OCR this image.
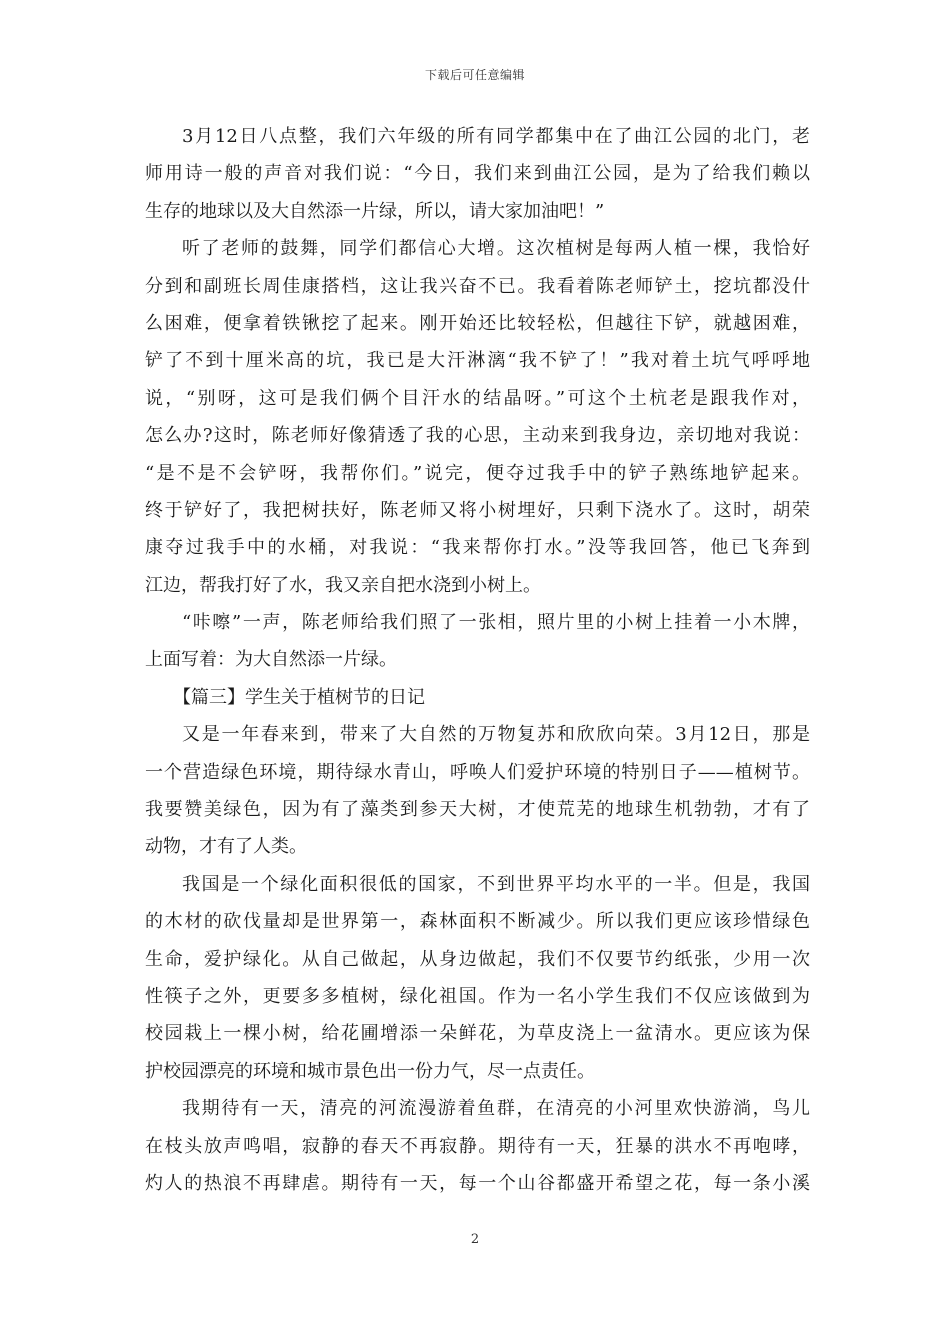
下载后可任意编辑
3月12日八点整，我们六年级的所有同学都集中在了曲江公园的北门，老
师用诗一般的声音对我们说：“今日，我们来到曲江公园，是为了给我们赖以
生存的地球以及大自然添一片绿，所以，请大家加油吧！”
听了老师的鼓舞，同学们都信心大增。这次植树是每两人植一棵，我恰好
分到和副班长周佳康搭档，这让我兴奋不已。我看着陈老师铲土，挖坑都没什
么困难，便拿着铁锹挖了起来。刚开始还比较轻松，但越往下铲，就越困难，
铲了不到十厘米高的坑，我已是大汗淋漓“我不铲了！”我对着土坑气呼呼地
说，“别呀，这可是我们俩个目汗水的结晶呀。”可这个土杭老是跟我作对，
怎么办?这时，陈老师好像猜透了我的心思，主动来到我身边，亲切地对我说：
“是不是不会铲呀，我帮你们。”说完，便夺过我手中的铲子熟练地铲起来。
终于铲好了，我把树扶好，陈老师又将小树埋好，只剩下浇水了。这时，胡荣
康夺过我手中的水桶，对我说：“我来帮你打水。”没等我回答，他已飞奔到
江边，帮我打好了水，我又亲自把水浇到小树上。
“咔嚓”一声，陈老师给我们照了一张相，照片里的小树上挂着一小木牌，
上面写着：为大自然添一片绿。
【篇三】学生关于植树节的日记
又是一年春来到，带来了大自然的万物复苏和欣欣向荣。3月12日，那是
一个营造绿色环境，期待绿水青山，呼唤人们爱护环境的特别日子——植树节。
我要赞美绿色，因为有了藻类到参天大树，才使荒芜的地球生机勃勃，才有了
动物，才有了人类。
我国是一个绿化面积很低的国家，不到世界平均水平的一半。但是，我国
的木材的砍伐量却是世界第一，森林面积不断减少。所以我们更应该珍惜绿色
生命，爱护绿化。从自己做起，从身边做起，我们不仅要节约纸张，少用一次
性筷子之外，更要多多植树，绿化祖国。作为一名小学生我们不仅应该做到为
校园栽上一棵小树，给花圃增添一朵鲜花，为草皮浇上一盆清水。更应该为保
护校园漂亮的环境和城市景色出一份力气，尽一点责任。
我期待有一天，清亮的河流漫游着鱼群，在清亮的小河里欢快游淌，鸟儿
在枝头放声鸣唱，寂静的春天不再寂静。期待有一天，狂暴的洪水不再咆哮，
灼人的热浪不再肆虐。期待有一天，每一个山谷都盛开希望之花，每一条小溪
2
